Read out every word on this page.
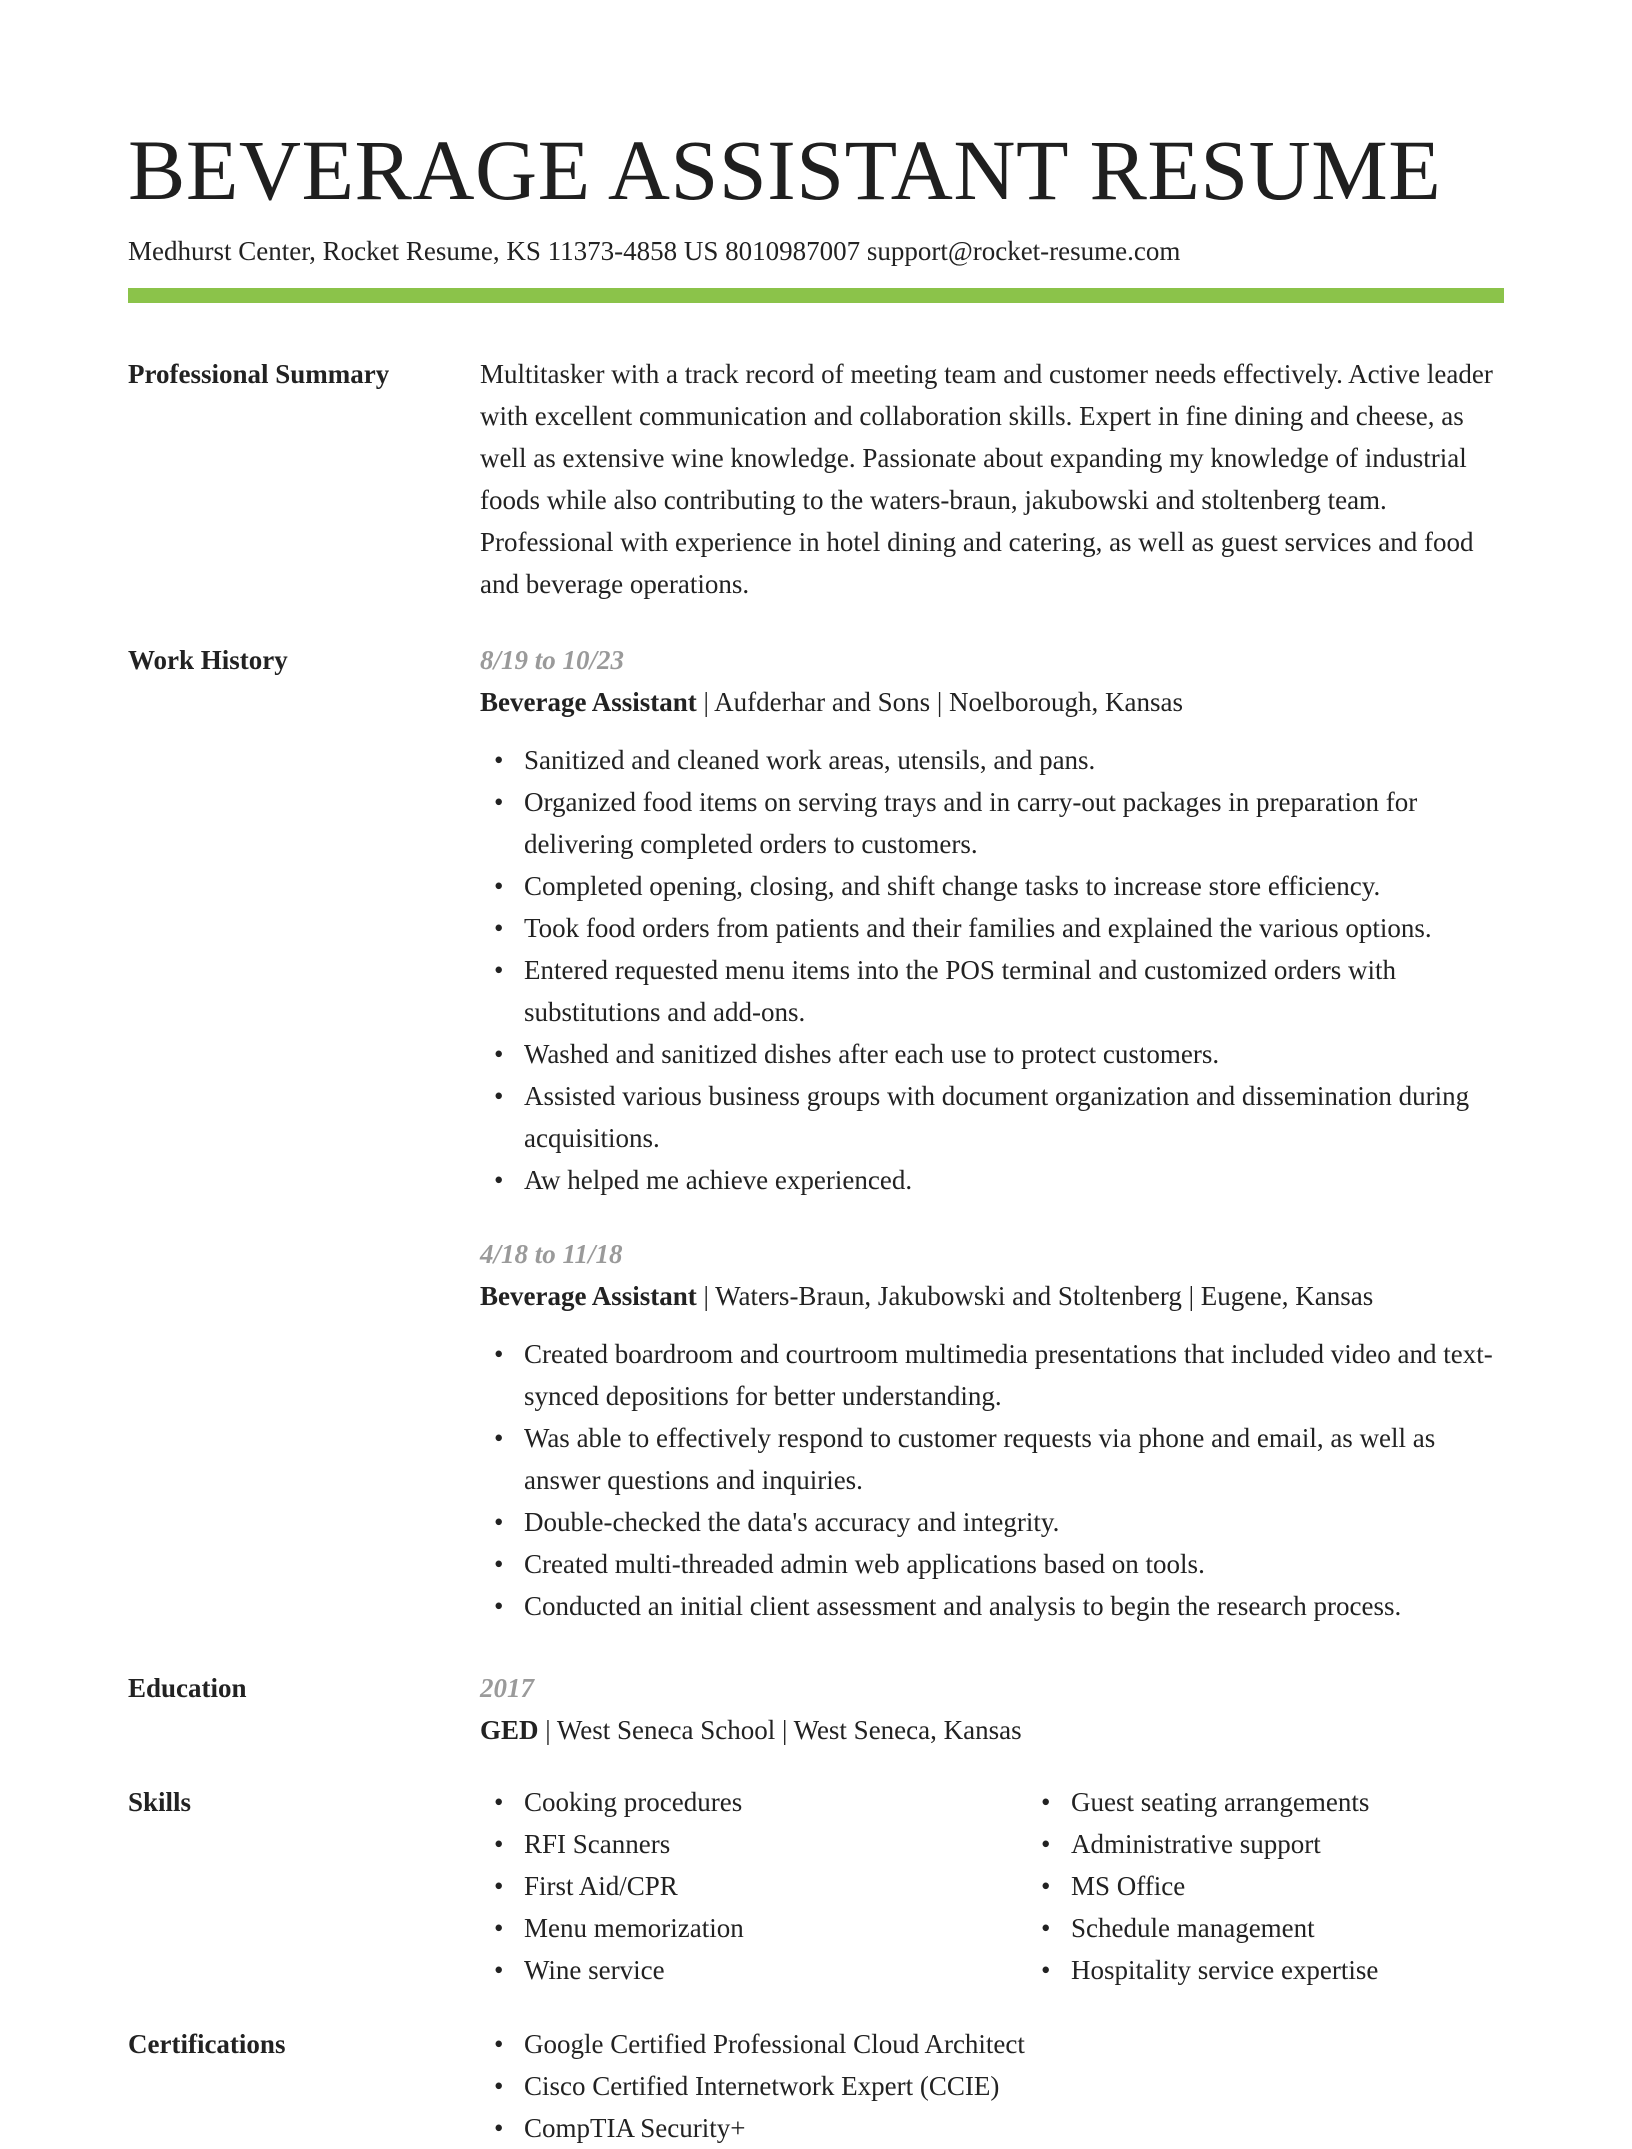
BEVERAGE ASSISTANT RESUME
Medhurst Center, Rocket Resume, KS 11373-4858 US 8010987007 support@rocket-resume.com
Professional Summary	Multitasker with a track record of meeting team and customer needs effectively. Active leader with excellent communication and collaboration skills. Expert in fine dining and cheese, as well as extensive wine knowledge. Passionate about expanding my knowledge of industrial foods while also contributing to the waters-braun, jakubowski and stoltenberg team. Professional with experience in hotel dining and catering, as well as guest services and food and beverage operations.

Work History	8/19 to 10/23
Beverage Assistant | Aufderhar and Sons | Noelborough, Kansas
• Sanitized and cleaned work areas, utensils, and pans.
• Organized food items on serving trays and in carry-out packages in preparation for delivering completed orders to customers.
• Completed opening, closing, and shift change tasks to increase store efficiency.
• Took food orders from patients and their families and explained the various options.
• Entered requested menu items into the POS terminal and customized orders with substitutions and add-ons.
• Washed and sanitized dishes after each use to protect customers.
• Assisted various business groups with document organization and dissemination during acquisitions.
• Aw helped me achieve experienced.
4/18 to 11/18
Beverage Assistant | Waters-Braun, Jakubowski and Stoltenberg | Eugene, Kansas
• Created boardroom and courtroom multimedia presentations that included video and text-synced depositions for better understanding.
• Was able to effectively respond to customer requests via phone and email, as well as answer questions and inquiries.
• Double-checked the data's accuracy and integrity.
• Created multi-threaded admin web applications based on tools.
• Conducted an initial client assessment and analysis to begin the research process.
Education	2017
GED | West Seneca School | West Seneca, Kansas
Skills	• Cooking procedures
• RFI Scanners
• First Aid/CPR
• Menu memorization
• Wine service
• Guest seating arrangements
• Administrative support
• MS Office
• Schedule management
• Hospitality service expertise
Certifications	• Google Certified Professional Cloud Architect
• Cisco Certified Internetwork Expert (CCIE)
• CompTIA Security+
